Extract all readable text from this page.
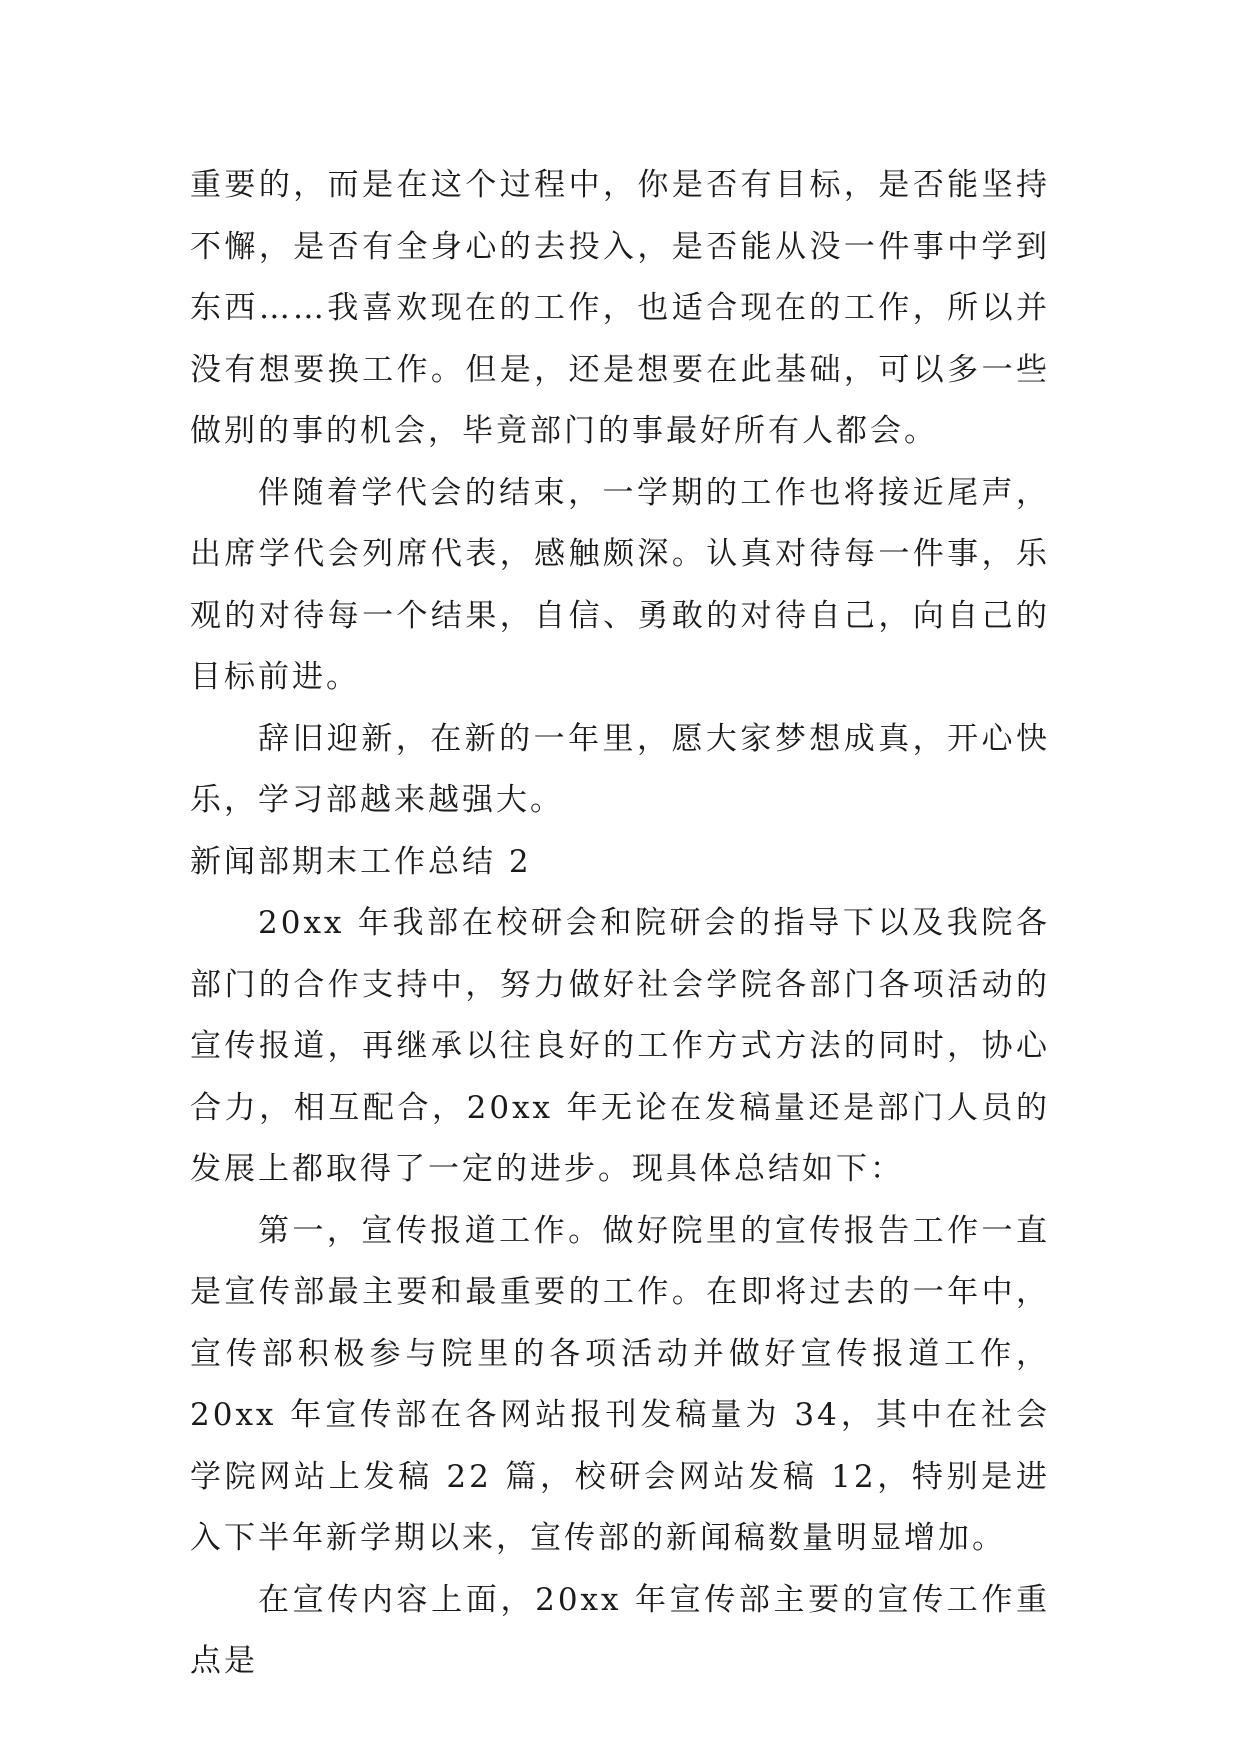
重要的，而是在这个过程中，你是否有目标，是否能坚持不懈，是否有全身心的去投入，是否能从没一件事中学到东西……我喜欢现在的工作，也适合现在的工作，所以并没有想要换工作。但是，还是想要在此基础，可以多一些做别的事的机会，毕竟部门的事最好所有人都会。

伴随着学代会的结束，一学期的工作也将接近尾声，出席学代会列席代表，感触颇深。认真对待每一件事，乐观的对待每一个结果，自信、勇敢的对待自己，向自己的目标前进。

辞旧迎新，在新的一年里，愿大家梦想成真，开心快乐，学习部越来越强大。

新闻部期末工作总结 2

20xx 年我部在校研会和院研会的指导下以及我院各部门的合作支持中，努力做好社会学院各部门各项活动的宣传报道，再继承以往良好的工作方式方法的同时，协心合力，相互配合，20xx 年无论在发稿量还是部门人员的发展上都取得了一定的进步。现具体总结如下：

第一，宣传报道工作。做好院里的宣传报告工作一直是宣传部最主要和最重要的工作。在即将过去的一年中，宣传部积极参与院里的各项活动并做好宣传报道工作，20xx 年宣传部在各网站报刊发稿量为 34，其中在社会学院网站上发稿 22 篇，校研会网站发稿 12，特别是进入下半年新学期以来，宣传部的新闻稿数量明显增加。

在宣传内容上面，20xx 年宣传部主要的宣传工作重点是
